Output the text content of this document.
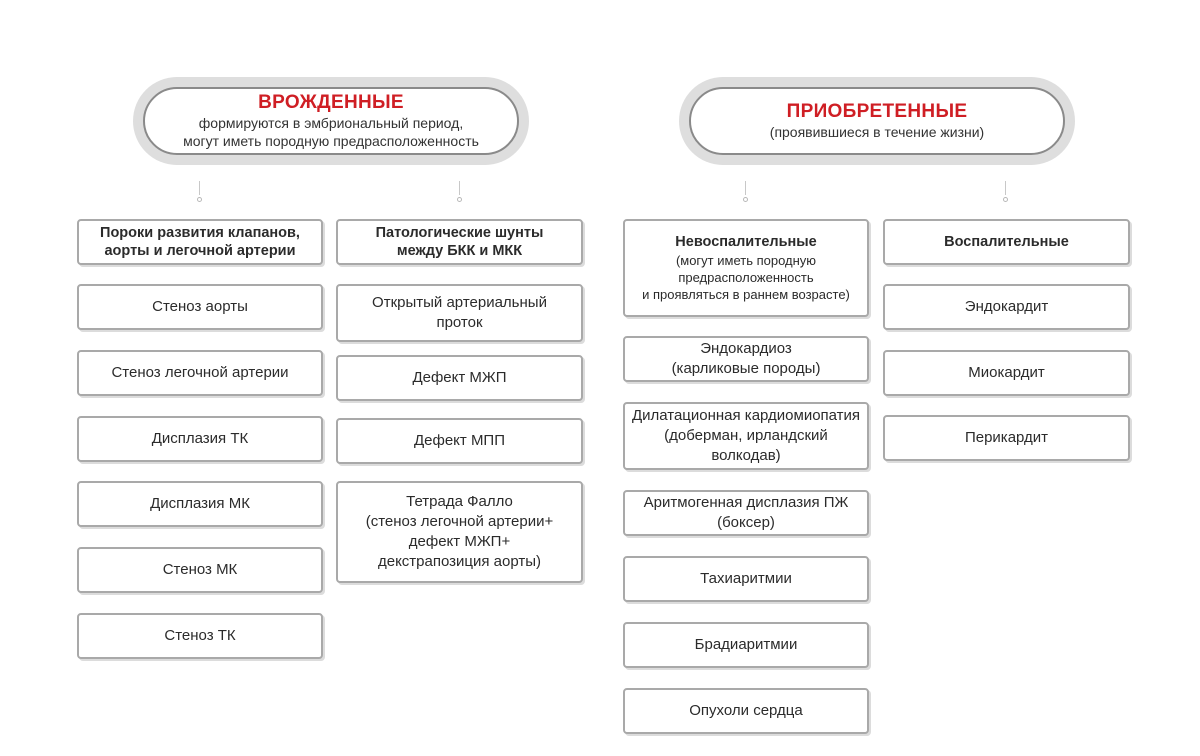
ВРОЖДЕННЫЕ
формируются в эмбриональный период,
могут иметь породную предрасположенность
ПРИОБРЕТЕННЫЕ
(проявившиеся в течение жизни)
Пороки развития клапанов,
аорты и легочной артерии
Стеноз аорты
Стеноз легочной артерии
Дисплазия ТК
Дисплазия МК
Стеноз МК
Стеноз ТК
Патологические шунты
между БКК и МКК
Открытый артериальный
проток
Дефект МЖП
Дефект МПП
Тетрада Фалло
(стеноз легочной артерии+
дефект МЖП+
декстрапозиция аорты)
Невоспалительные
(могут иметь породную
предрасположенность
и проявляться в раннем возрасте)
Эндокардиоз
(карликовые породы)
Дилатационная кардиомиопатия
(доберман, ирландский волкодав)
Аритмогенная дисплазия ПЖ
(боксер)
Тахиаритмии
Брадиаритмии
Опухоли сердца
Воспалительные
Эндокардит
Миокардит
Перикардит
